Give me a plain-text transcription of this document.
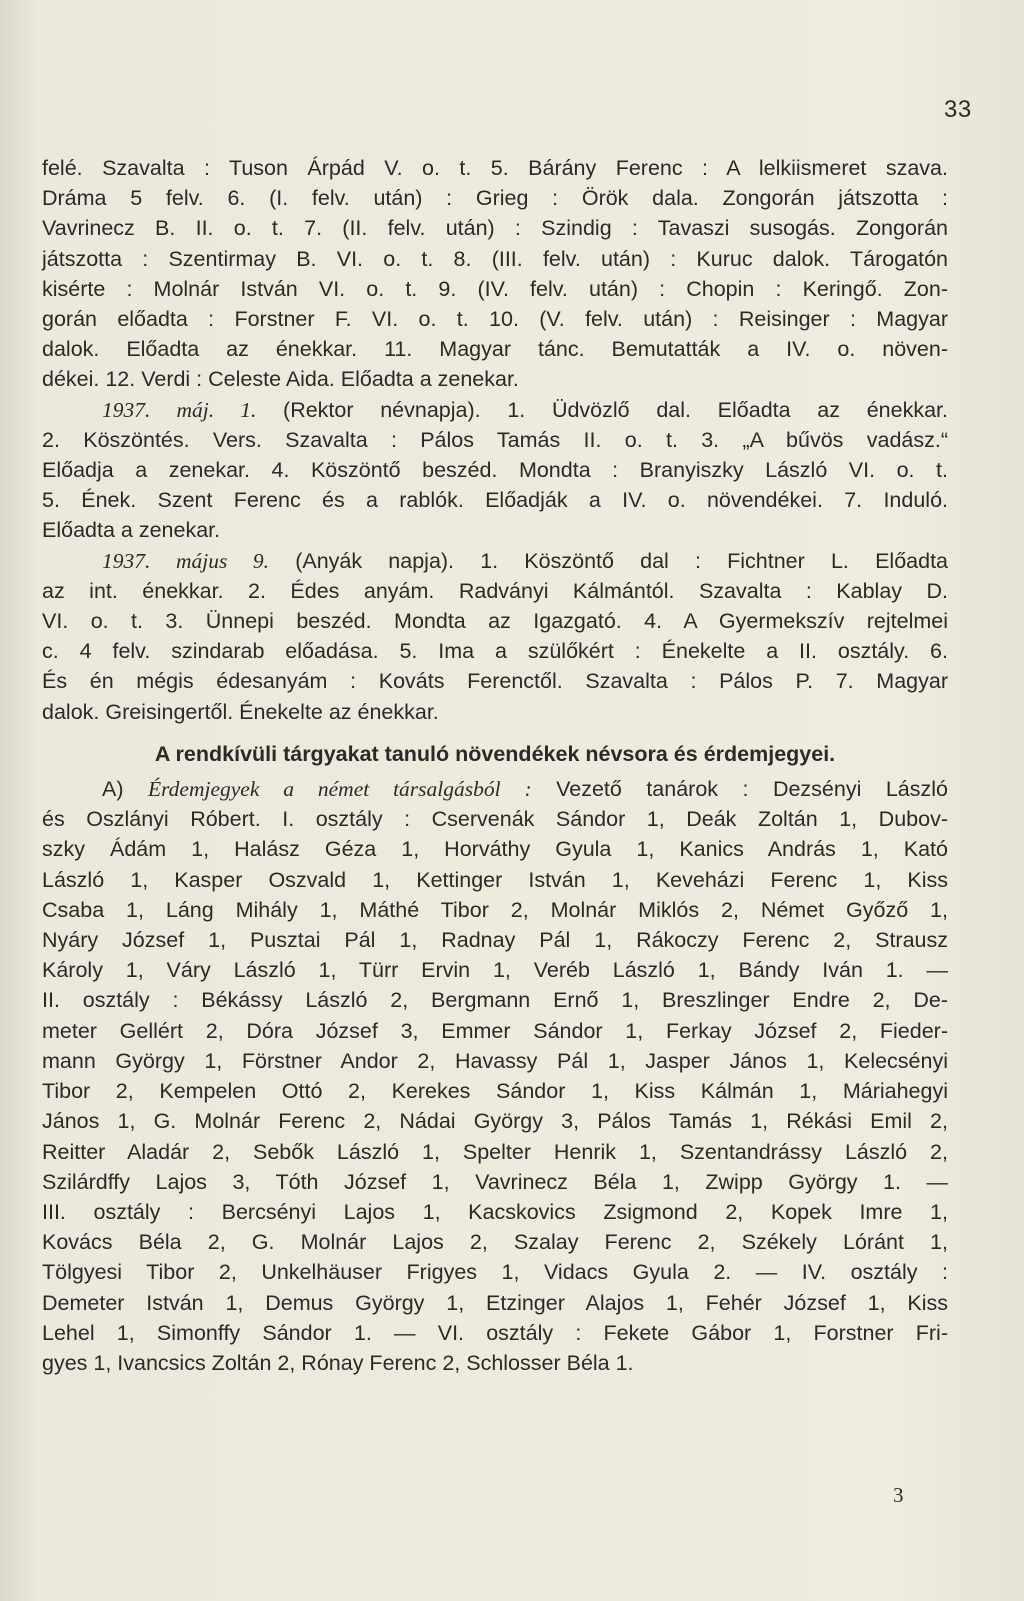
33
felé. Szavalta : Tuson Árpád V. o. t. 5. Bárány Ferenc : A lelkiismeret szava.
Dráma 5 felv. 6. (I. felv. után) : Grieg : Örök dala. Zongorán játszotta :
Vavrinecz B. II. o. t. 7. (II. felv. után) : Szindig : Tavaszi susogás. Zongorán
játszotta : Szentirmay B. VI. o. t. 8. (III. felv. után) : Kuruc dalok. Tárogatón
kisérte : Molnár István VI. o. t. 9. (IV. felv. után) : Chopin : Keringő. Zon-
gorán előadta : Forstner F. VI. o. t. 10. (V. felv. után) : Reisinger : Magyar
dalok. Előadta az énekkar. 11. Magyar tánc. Bemutatták a IV. o. növen-
dékei. 12. Verdi : Celeste Aida. Előadta a zenekar.
1937. máj. 1. (Rektor névnapja). 1. Üdvözlő dal. Előadta az énekkar.
2. Köszöntés. Vers. Szavalta : Pálos Tamás II. o. t. 3. „A bűvös vadász.“
Előadja a zenekar. 4. Köszöntő beszéd. Mondta : Branyiszky László VI. o. t.
5. Ének. Szent Ferenc és a rablók. Előadják a IV. o. növendékei. 7. Induló.
Előadta a zenekar.
1937. május 9. (Anyák napja). 1. Köszöntő dal : Fichtner L. Előadta
az int. énekkar. 2. Édes anyám. Radványi Kálmántól. Szavalta : Kablay D.
VI. o. t. 3. Ünnepi beszéd. Mondta az Igazgató. 4. A Gyermekszív rejtelmei
c. 4 felv. szindarab előadása. 5. Ima a szülőkért : Énekelte a II. osztály. 6.
És én mégis édesanyám : Kováts Ferenctől. Szavalta : Pálos P. 7. Magyar
dalok. Greisingertől. Énekelte az énekkar.
A rendkívüli tárgyakat tanuló növendékek névsora és érdemjegyei.
A) Érdemjegyek a német társalgásból : Vezető tanárok : Dezsényi László
és Oszlányi Róbert. I. osztály : Cservenák Sándor 1, Deák Zoltán 1, Dubov-
szky Ádám 1, Halász Géza 1, Horváthy Gyula 1, Kanics András 1, Kató
László 1, Kasper Oszvald 1, Kettinger István 1, Keveházi Ferenc 1, Kiss
Csaba 1, Láng Mihály 1, Máthé Tibor 2, Molnár Miklós 2, Német Győző 1,
Nyáry József 1, Pusztai Pál 1, Radnay Pál 1, Rákoczy Ferenc 2, Strausz
Károly 1, Váry László 1, Türr Ervin 1, Veréb László 1, Bándy Iván 1. —
II. osztály : Békássy László 2, Bergmann Ernő 1, Breszlinger Endre 2, De-
meter Gellért 2, Dóra József 3, Emmer Sándor 1, Ferkay József 2, Fieder-
mann György 1, Förstner Andor 2, Havassy Pál 1, Jasper János 1, Kelecsényi
Tibor 2, Kempelen Ottó 2, Kerekes Sándor 1, Kiss Kálmán 1, Máriahegyi
János 1, G. Molnár Ferenc 2, Nádai György 3, Pálos Tamás 1, Rékási Emil 2,
Reitter Aladár 2, Sebők László 1, Spelter Henrik 1, Szentandrássy László 2,
Szilárdffy Lajos 3, Tóth József 1, Vavrinecz Béla 1, Zwipp György 1. —
III. osztály : Bercsényi Lajos 1, Kacskovics Zsigmond 2, Kopek Imre 1,
Kovács Béla 2, G. Molnár Lajos 2, Szalay Ferenc 2, Székely Lóránt 1,
Tölgyesi Tibor 2, Unkelhäuser Frigyes 1, Vidacs Gyula 2. — IV. osztály :
Demeter István 1, Demus György 1, Etzinger Alajos 1, Fehér József 1, Kiss
Lehel 1, Simonffy Sándor 1. — VI. osztály : Fekete Gábor 1, Forstner Fri-
gyes 1, Ivancsics Zoltán 2, Rónay Ferenc 2, Schlosser Béla 1.
3
